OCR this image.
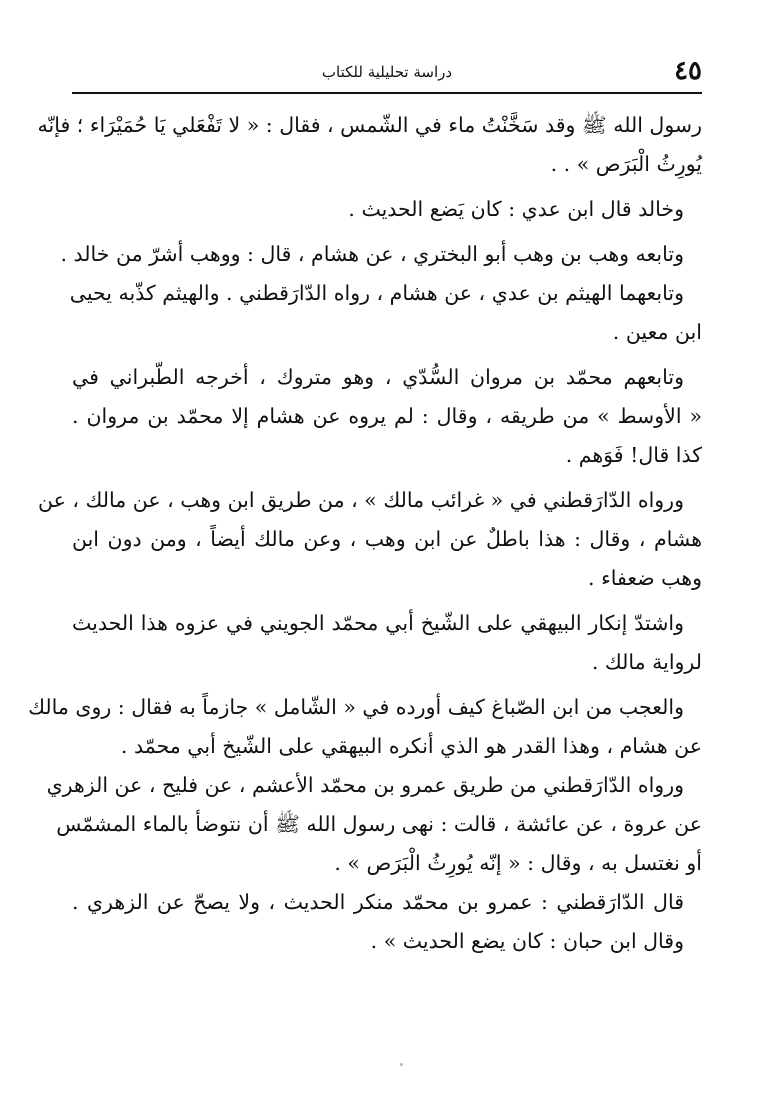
٤٥
دراسة تحليلية للكتاب
رسول الله ﷺ وقد سَخَّنْتُ ماء في الشّمس ، فقال : « لا تَفْعَلي يَا حُمَيْرَاء ؛ فإنّه
يُورِثُ الْبَرَص » . .
وخالد قال ابن عدي : كان يَضع الحديث .
وتابعه وهب بن وهب أبو البختري ، عن هشام ، قال : ووهب أشرّ من خالد .
وتابعهما الهيثم بن عدي ، عن هشام ، رواه الدّارَقطني . والهيثم كذّبه يحيى
ابن معين .
وتابعهم محمّد بن مروان السُّدّي ، وهو متروك ، أخرجه الطّبراني في
« الأوسط » من طريقه ، وقال : لم يروه عن هشام إلا محمّد بن مروان .
كذا قال! فَوَهم .
ورواه الدّارَقطني في « غرائب مالك » ، من طريق ابن وهب ، عن مالك ، عن
هشام ، وقال : هذا باطلٌ عن ابن وهب ، وعن مالك أيضاً ، ومن دون ابن
وهب ضعفاء .
واشتدّ إنكار البيهقي على الشّيخ أبي محمّد الجويني في عزوه هذا الحديث
لرواية مالك .
والعجب من ابن الصّباغ كيف أورده في « الشّامل » جازماً به فقال : روى مالك
عن هشام ، وهذا القدر هو الذي أنكره البيهقي على الشّيخ أبي محمّد .
ورواه الدّارَقطني من طريق عمرو بن محمّد الأعشم ، عن فليح ، عن الزهري
عن عروة ، عن عائشة ، قالت : نهى رسول الله ﷺ أن نتوضأ بالماء المشمّس
أو نغتسل به ، وقال : « إنّه يُورِثُ الْبَرَص » .
قال الدّارَقطني : عمرو بن محمّد منكر الحديث ، ولا يصحّ عن الزهري .
وقال ابن حبان : كان يضع الحديث » .
